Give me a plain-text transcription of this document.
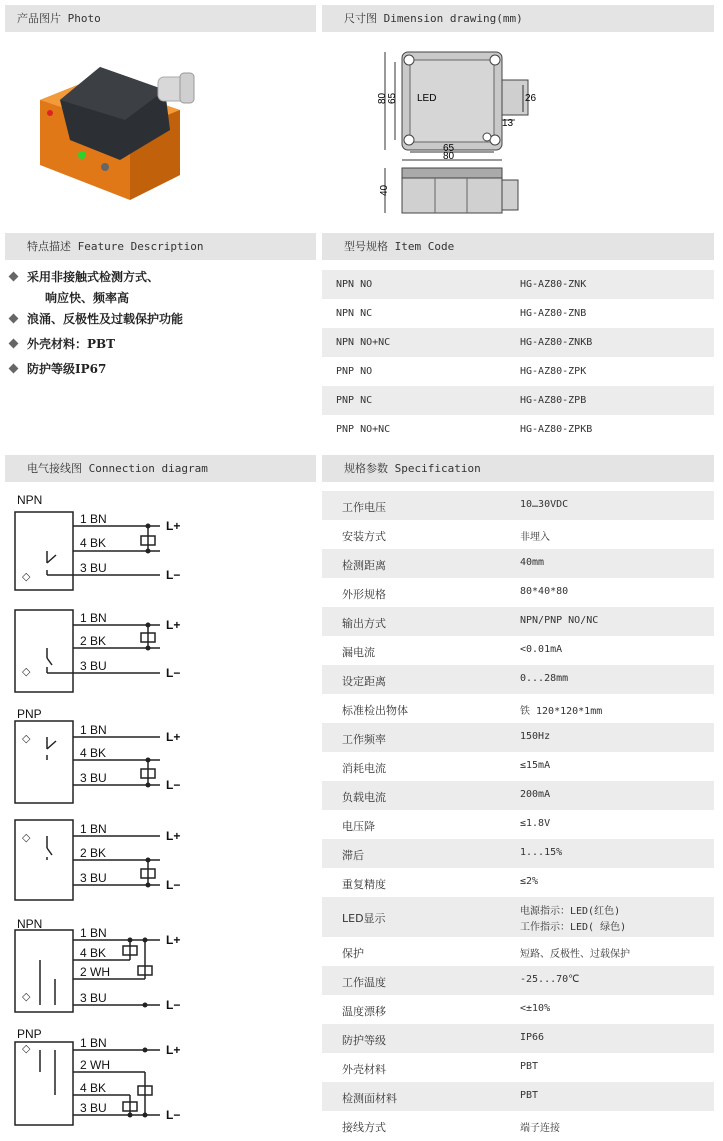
产品图片 Photo	尺寸图 Dimension drawing(mm)
特点描述 Feature Description	型号规格 Item Code
电气接线图 Connection diagram	规格参数 Specification
80 65 LED
65
80
26
13
40
采用非接触式检测方式、
响应快、频率高
浪涌、反极性及过载保护功能
外壳材料：PBT
防护等级IP67
NPN NO	HG-AZ80-ZNK
NPN NC	HG-AZ80-ZNB
NPN NO+NC	HG-AZ80-ZNKB
PNP NO	HG-AZ80-ZPK
PNP NC	HG-AZ80-ZPB
PNP NO+NC	HG-AZ80-ZPKB
NPN
1 BN
4 BK
3 BU
L+
L−
1 BN
2 BK
3 BU
L+
L−
PNP
1 BN
4 BK
3 BU
L+
L−
1 BN
2 BK
3 BU
L+
L−
NPN
1 BN
4 BK
2 WH
3 BU
L+
L−
PNP
1 BN
2 WH
4 BK
3 BU
L+
L−
◇
◇
◇
◇
◇
◇
工作电压	10…30VDC
安装方式	非埋入
检测距离	40mm
外形规格	80*40*80
输出方式	NPN/PNP NO/NC
漏电流	<0.01mA
设定距离	0...28mm
标准检出物体	铁 120*120*1mm
工作频率	150Hz
消耗电流	≤15mA
负载电流	200mA
电压降	≤1.8V
滞后	1...15%
重复精度	≤2%
LED显示
电源指示：LED(红色)
工作指示：LED( 绿色)
保护	短路、反极性、过载保护
工作温度	-25...70℃
温度漂移	<±10%
防护等级	IP66
外壳材料	PBT
检测面材料	PBT
接线方式	端子连接
